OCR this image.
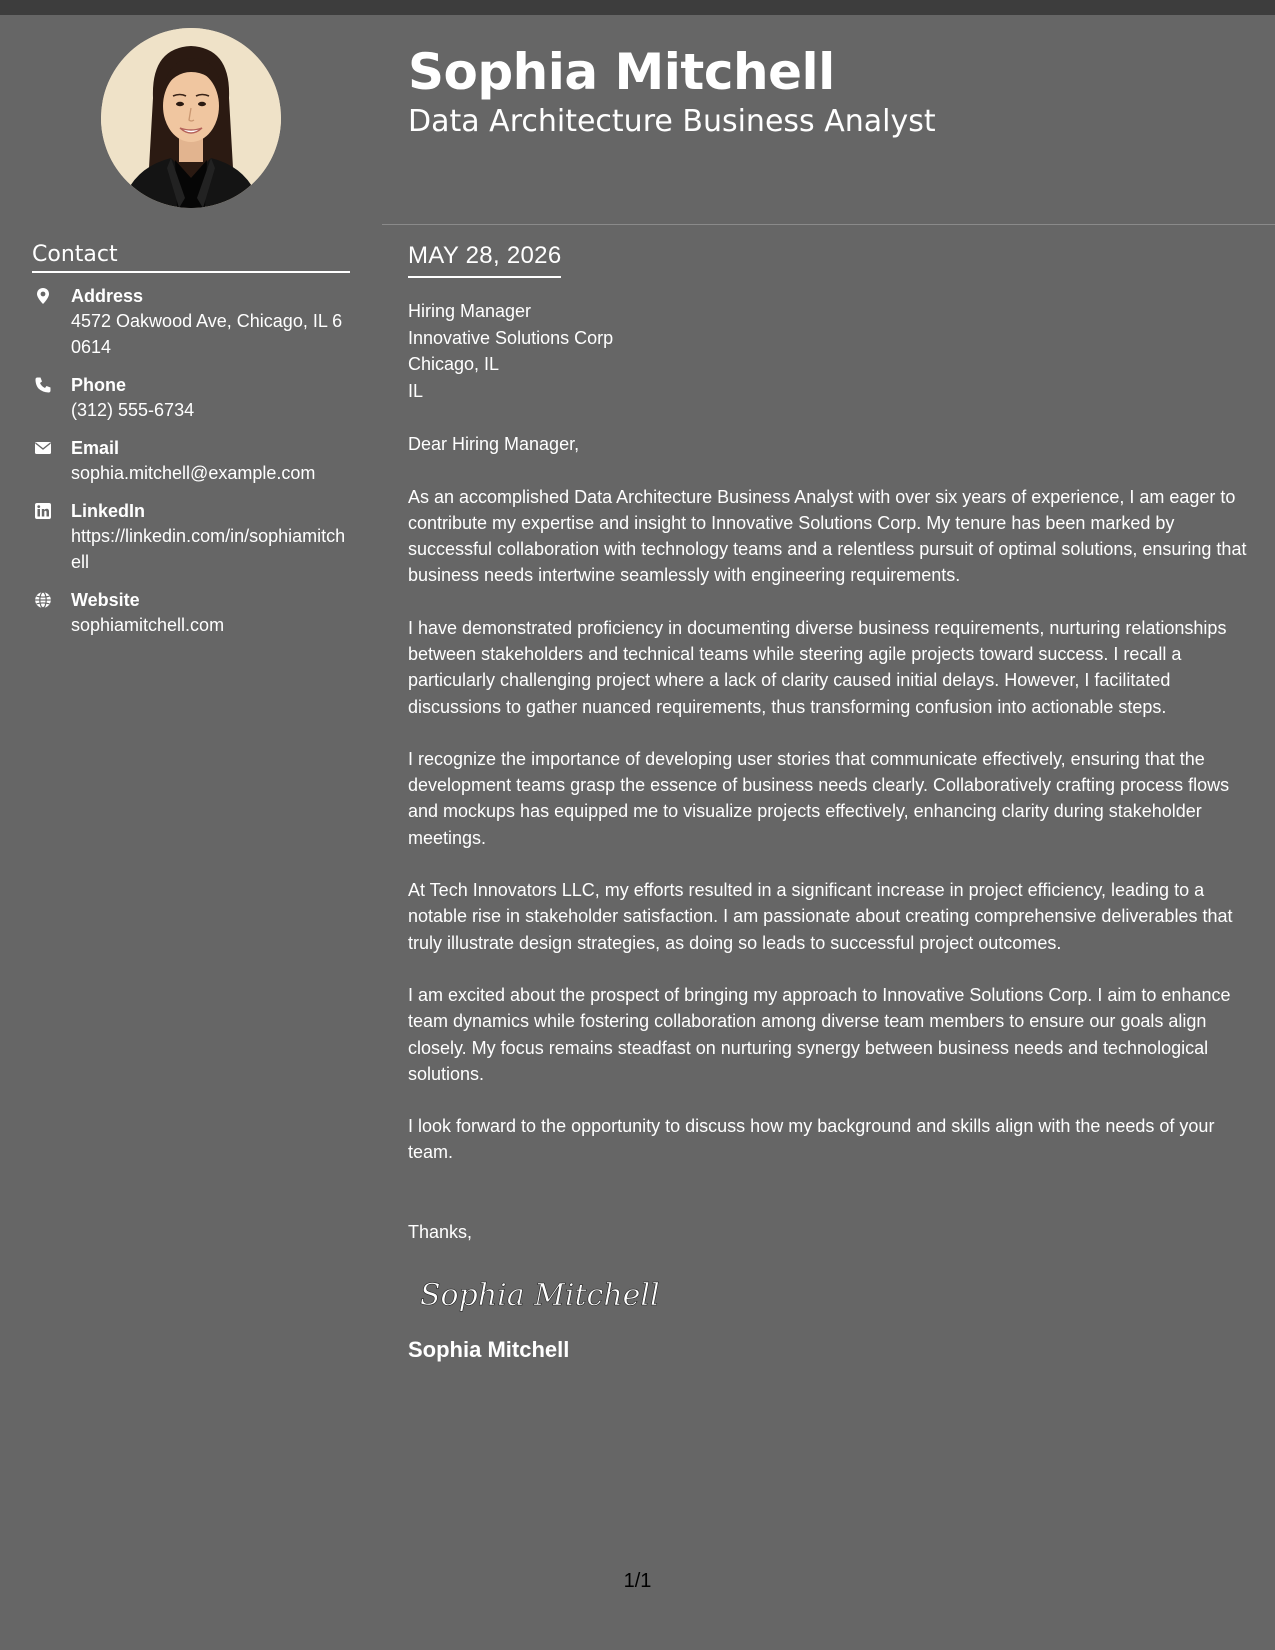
Contact
Address
4572 Oakwood Ave, Chicago, IL 60614
Phone
(312) 555-6734
Email
sophia.mitchell@example.com
LinkedIn
https://linkedin.com/in/sophiamitchell
Website
sophiamitchell.com
Sophia Mitchell
Data Architecture Business Analyst
MAY 28, 2026
Hiring Manager
Innovative Solutions Corp
Chicago, IL
IL
Dear Hiring Manager,
As an accomplished Data Architecture Business Analyst with over six years of experience, I am eager to contribute my expertise and insight to Innovative Solutions Corp. My tenure has been marked by successful collaboration with technology teams and a relentless pursuit of optimal solutions, ensuring that business needs intertwine seamlessly with engineering requirements.
I have demonstrated proficiency in documenting diverse business requirements, nurturing relationships between stakeholders and technical teams while steering agile projects toward success. I recall a particularly challenging project where a lack of clarity caused initial delays. However, I facilitated discussions to gather nuanced requirements, thus transforming confusion into actionable steps.
I recognize the importance of developing user stories that communicate effectively, ensuring that the development teams grasp the essence of business needs clearly. Collaboratively crafting process flows and mockups has equipped me to visualize projects effectively, enhancing clarity during stakeholder meetings.
At Tech Innovators LLC, my efforts resulted in a significant increase in project efficiency, leading to a notable rise in stakeholder satisfaction. I am passionate about creating comprehensive deliverables that truly illustrate design strategies, as doing so leads to successful project outcomes.
I am excited about the prospect of bringing my approach to Innovative Solutions Corp. I aim to enhance team dynamics while fostering collaboration among diverse team members to ensure our goals align closely. My focus remains steadfast on nurturing synergy between business needs and technological solutions.
I look forward to the opportunity to discuss how my background and skills align with the needs of your team.
Thanks,
Sophia Mitchell
Sophia Mitchell
1/1
